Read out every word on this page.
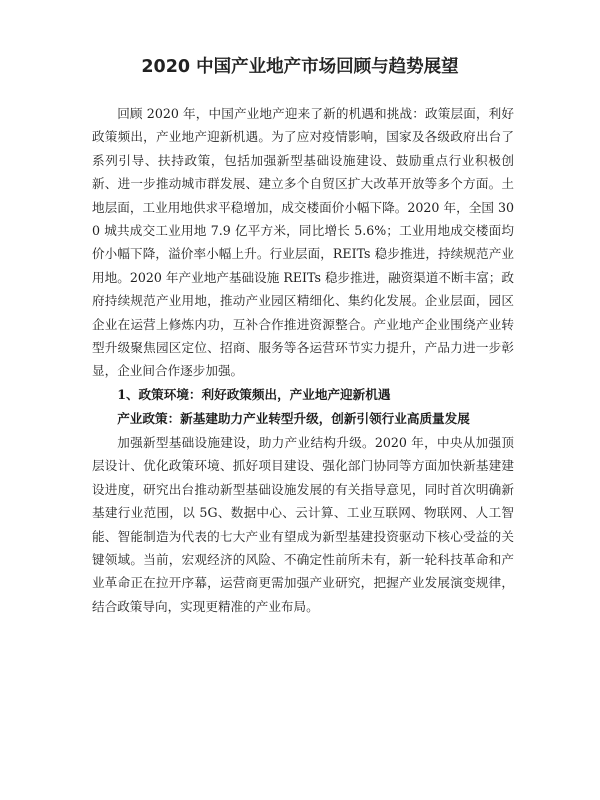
2020 中国产业地产市场回顾与趋势展望

回顾 2020 年，中国产业地产迎来了新的机遇和挑战：政策层面，利好政策频出，产业地产迎新机遇。为了应对疫情影响，国家及各级政府出台了系列引导、扶持政策，包括加强新型基础设施建设、鼓励重点行业积极创新、进一步推动城市群发展、建立多个自贸区扩大改革开放等多个方面。土地层面，工业用地供求平稳增加，成交楼面价小幅下降。2020 年，全国 300 城共成交工业用地 7.9 亿平方米，同比增长 5.6%；工业用地成交楼面均价小幅下降，溢价率小幅上升。行业层面，REITs 稳步推进，持续规范产业用地。2020 年产业地产基础设施 REITs 稳步推进，融资渠道不断丰富；政府持续规范产业用地，推动产业园区精细化、集约化发展。企业层面，园区企业在运营上修炼内功，互补合作推进资源整合。产业地产企业围绕产业转型升级聚焦园区定位、招商、服务等各运营环节实力提升，产品力进一步彰显，企业间合作逐步加强。

1、政策环境：利好政策频出，产业地产迎新机遇

产业政策：新基建助力产业转型升级，创新引领行业高质量发展

加强新型基础设施建设，助力产业结构升级。2020 年，中央从加强顶层设计、优化政策环境、抓好项目建设、强化部门协同等方面加快新基建建设进度，研究出台推动新型基础设施发展的有关指导意见，同时首次明确新基建行业范围，以 5G、数据中心、云计算、工业互联网、物联网、人工智能、智能制造为代表的七大产业有望成为新型基建投资驱动下核心受益的关键领域。当前，宏观经济的风险、不确定性前所未有，新一轮科技革命和产业革命正在拉开序幕，运营商更需加强产业研究，把握产业发展演变规律，结合政策导向，实现更精准的产业布局。
